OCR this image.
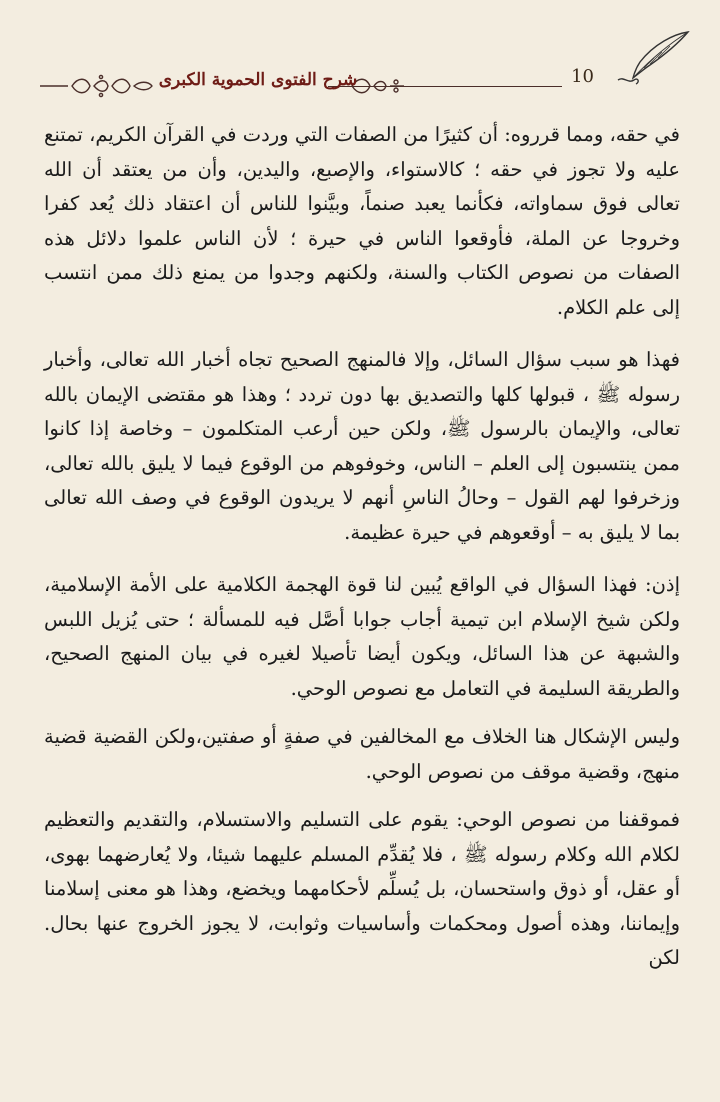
10
شرح الفتوى الحموية الكبرى

في حقه، ومما قرروه: أن كثيرًا من الصفات التي وردت في القرآن الكريم، تمتنع عليه ولا تجوز في حقه ؛ كالاستواء، والإصبع، واليدين، وأن من يعتقد أن الله تعالى فوق سماواته، فكأنما يعبد صنماً، وبيَّنوا للناس أن اعتقاد ذلك يُعد كفرا وخروجا عن الملة، فأوقعوا الناس في حيرة ؛ لأن الناس علموا دلائل هذه الصفات من نصوص الكتاب والسنة، ولكنهم وجدوا من يمنع ذلك ممن انتسب إلى علم الكلام.

فهذا هو سبب سؤال السائل، وإلا فالمنهج الصحيح تجاه أخبار الله تعالى، وأخبار رسوله ﷺ ، قبولها كلها والتصديق بها دون تردد ؛ وهذا هو مقتضى الإيمان بالله تعالى، والإيمان بالرسول ﷺ، ولكن حين أرعب المتكلمون – وخاصة إذا كانوا ممن ينتسبون إلى العلم – الناس، وخوفوهم من الوقوع فيما لا يليق بالله تعالى، وزخرفوا لهم القول – وحالُ الناسِ أنهم لا يريدون الوقوع في وصف الله تعالى بما لا يليق به – أوقعوهم في حيرة عظيمة.

إذن: فهذا السؤال في الواقع يُبين لنا قوة الهجمة الكلامية على الأمة الإسلامية، ولكن شيخ الإسلام ابن تيمية أجاب جوابا أصَّل فيه للمسألة ؛ حتى يُزيل اللبس والشبهة عن هذا السائل، ويكون أيضا تأصيلا لغيره في بيان المنهج الصحيح، والطريقة السليمة في التعامل مع نصوص الوحي.

وليس الإشكال هنا الخلاف مع المخالفين في صفةٍ أو صفتين،ولكن القضية قضية منهج، وقضية موقف من نصوص الوحي.

فموقفنا من نصوص الوحي: يقوم على التسليم والاستسلام، والتقديم والتعظيم لكلام الله وكلام رسوله ﷺ ، فلا يُقدِّم المسلم عليهما شيئا، ولا يُعارضهما بهوى، أو عقل، أو ذوق واستحسان، بل يُسلِّم لأحكامهما ويخضع، وهذا هو معنى إسلامنا وإيماننا، وهذه أصول ومحكمات وأساسيات وثوابت، لا يجوز الخروج عنها بحال. لكن
